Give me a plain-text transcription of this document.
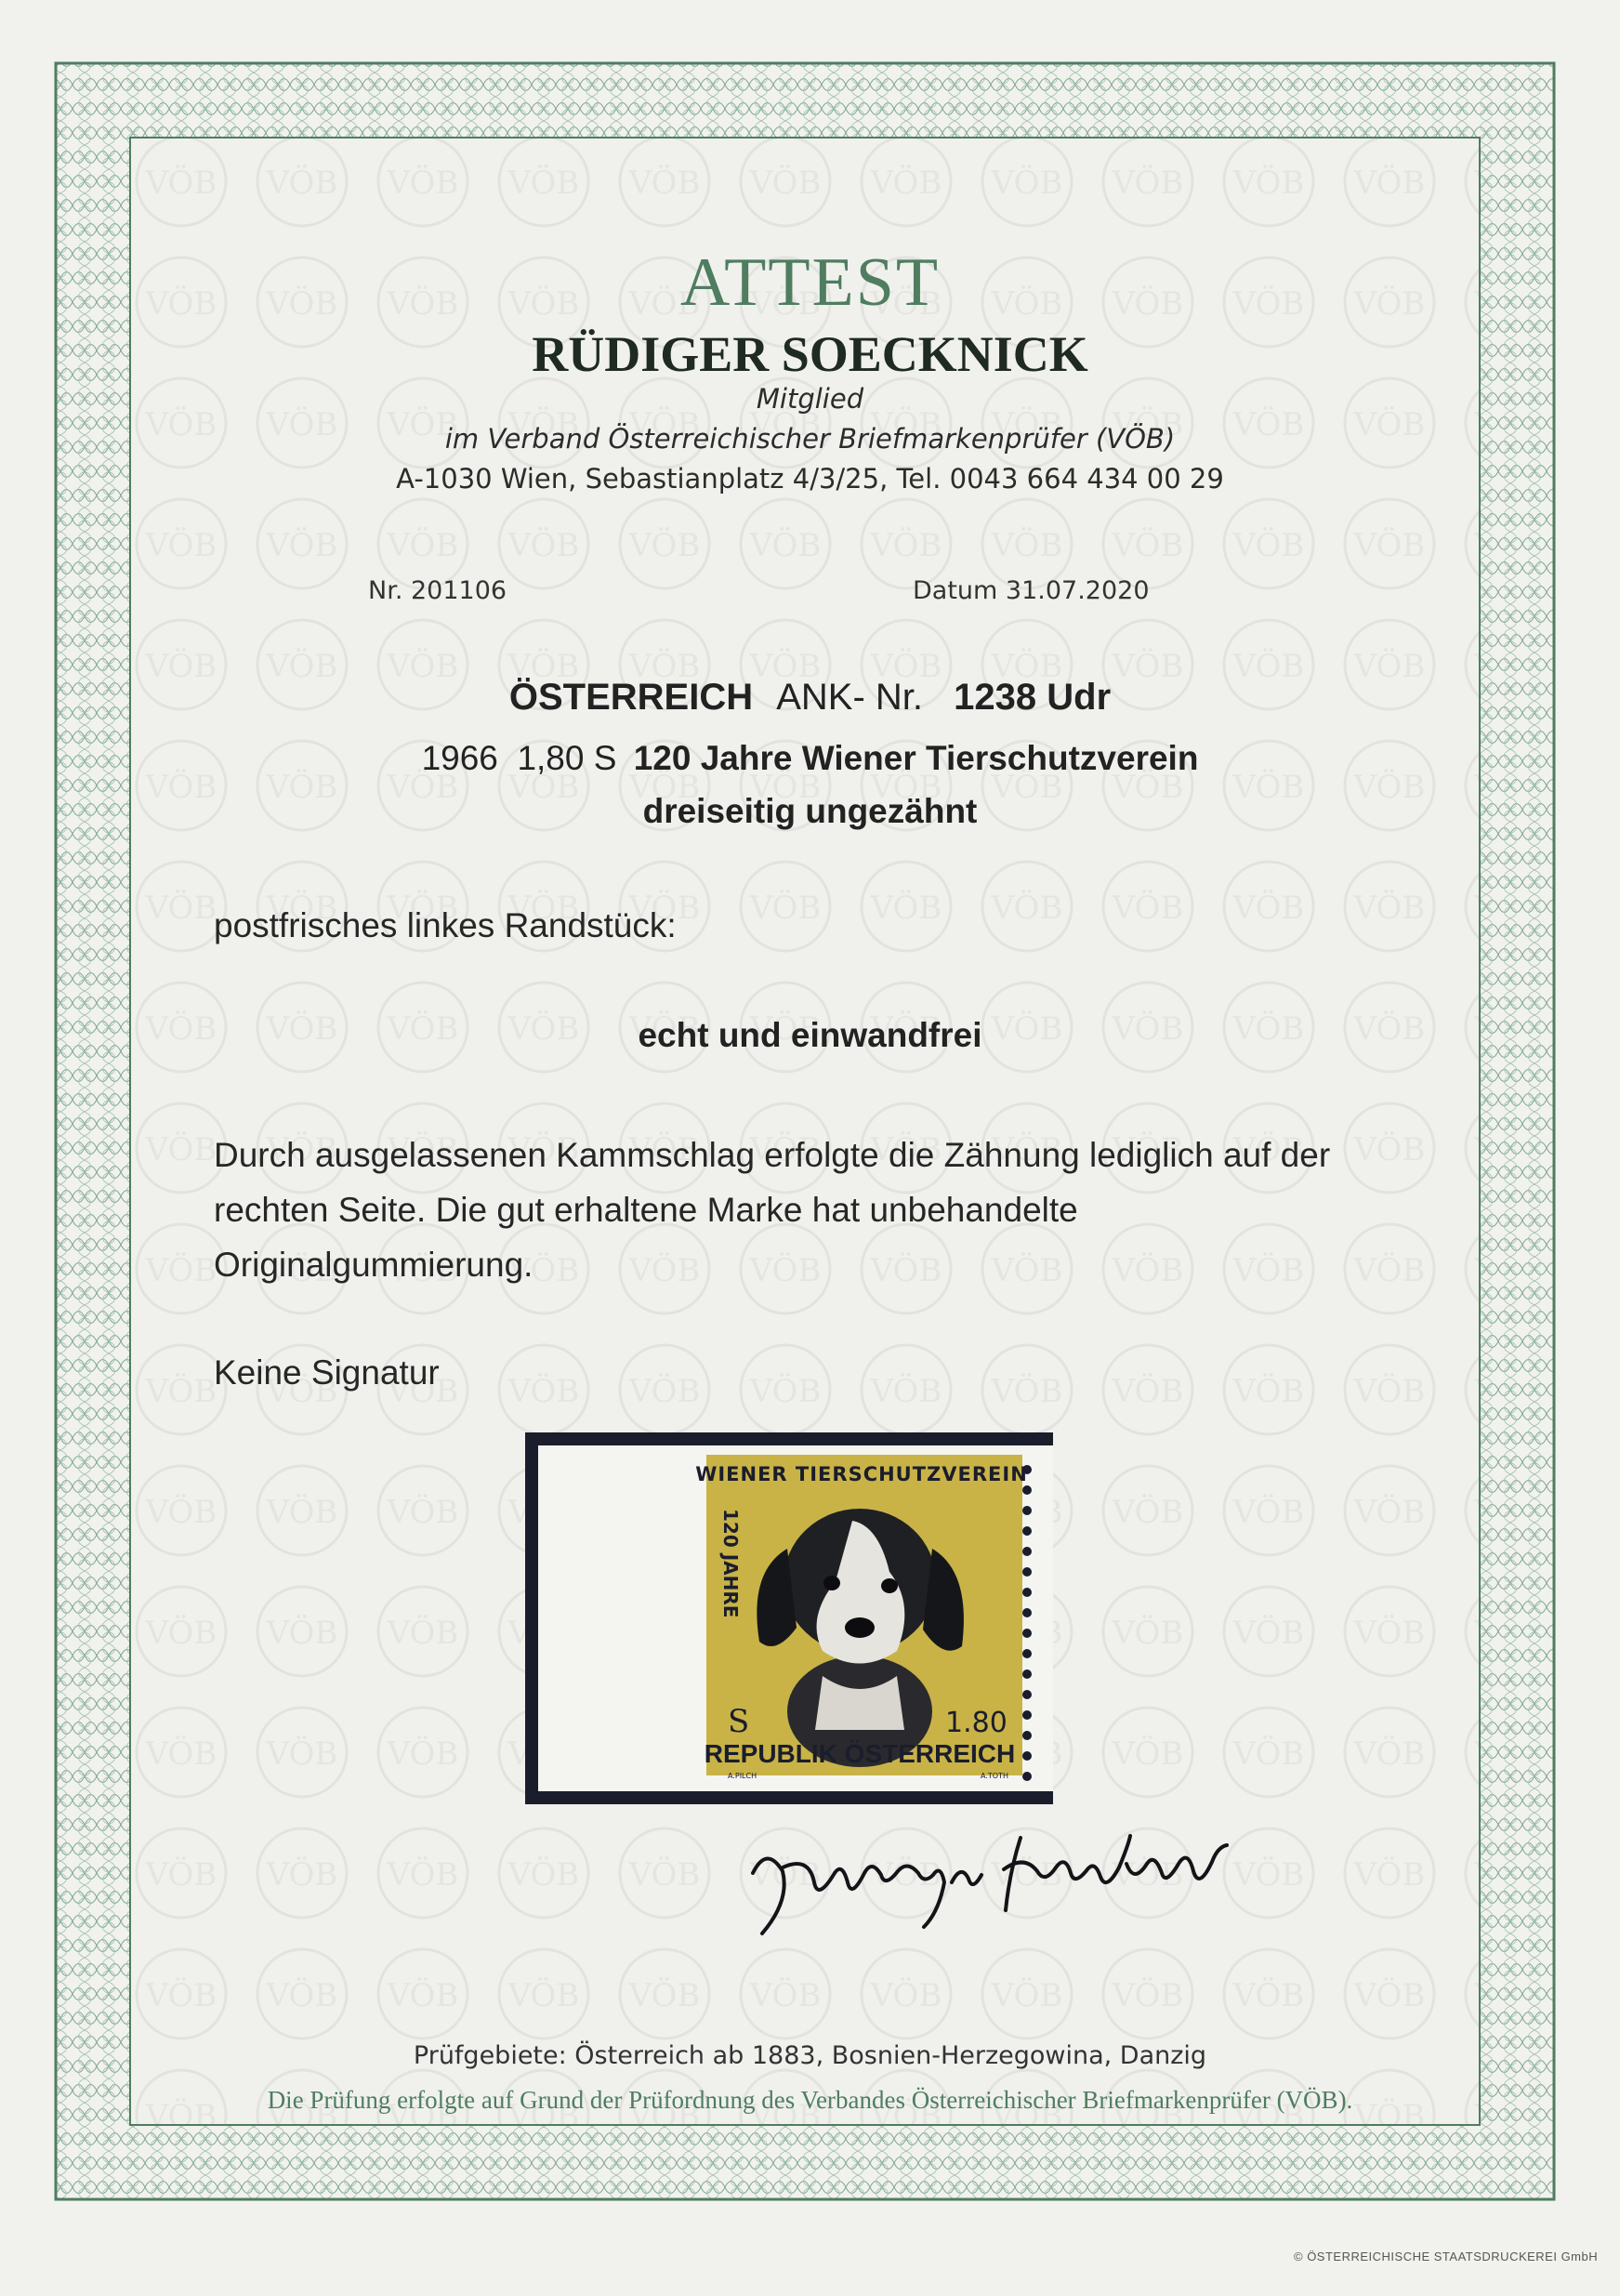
ATTEST
RÜDIGER SOECKNICK
Mitglied
im Verband Österreichischer Briefmarkenprüfer (VÖB)
A-1030 Wien, Sebastianplatz 4/3/25, Tel. 0043 664 434 00 29
Nr. 201106	Datum 31.07.2020
ÖSTERREICH ANK- Nr. 1238 Udr
1966  1,80 S 120 Jahre Wiener Tierschutzverein
dreiseitig ungezähnt
postfrisches linkes Randstück:
echt und einwandfrei
Durch ausgelassenen Kammschlag erfolgte die Zähnung lediglich auf der rechten Seite. Die gut erhaltene Marke hat unbehandelte Originalgummierung.
Keine Signatur
WIENER TIERSCHUTZVEREIN
120 JAHRE
S	1.80
REPUBLIK ÖSTERREICH
A.PILCH	A.TOTH
Prüfgebiete: Österreich ab 1883, Bosnien-Herzegowina, Danzig
Die Prüfung erfolgte auf Grund der Prüfordnung des Verbandes Österreichischer Briefmarkenprüfer (VÖB).
© ÖSTERREICHISCHE STAATSDRUCKEREI GmbH
